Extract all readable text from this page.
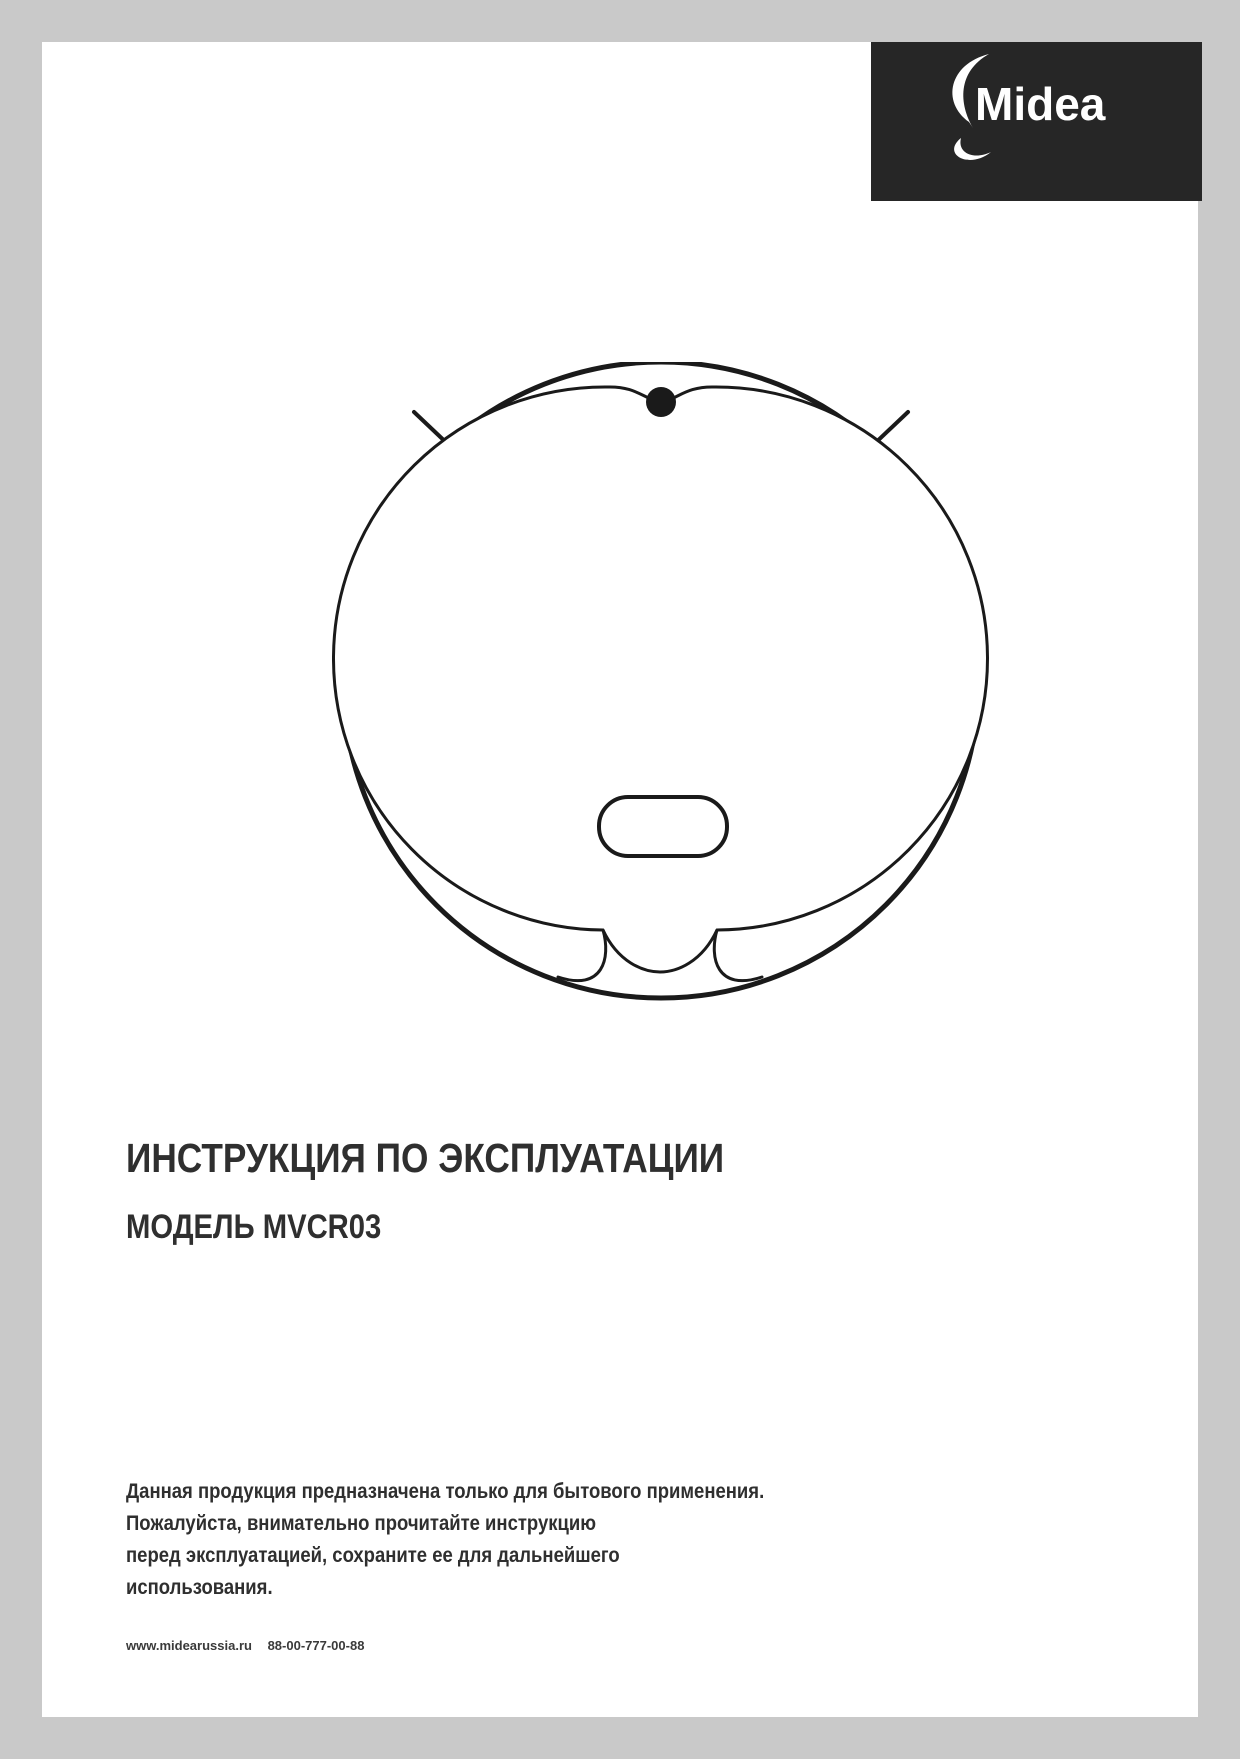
Midea
ИНСТРУКЦИЯ ПО ЭКСПЛУАТАЦИИ
МОДЕЛЬ MVCR03
Данная продукция предназначена только для бытового применения.
Пожалуйста, внимательно прочитайте инструкцию
перед эксплуатацией, сохраните ее для дальнейшего
использования.
www.midearussia.ru 88-00-777-00-88
